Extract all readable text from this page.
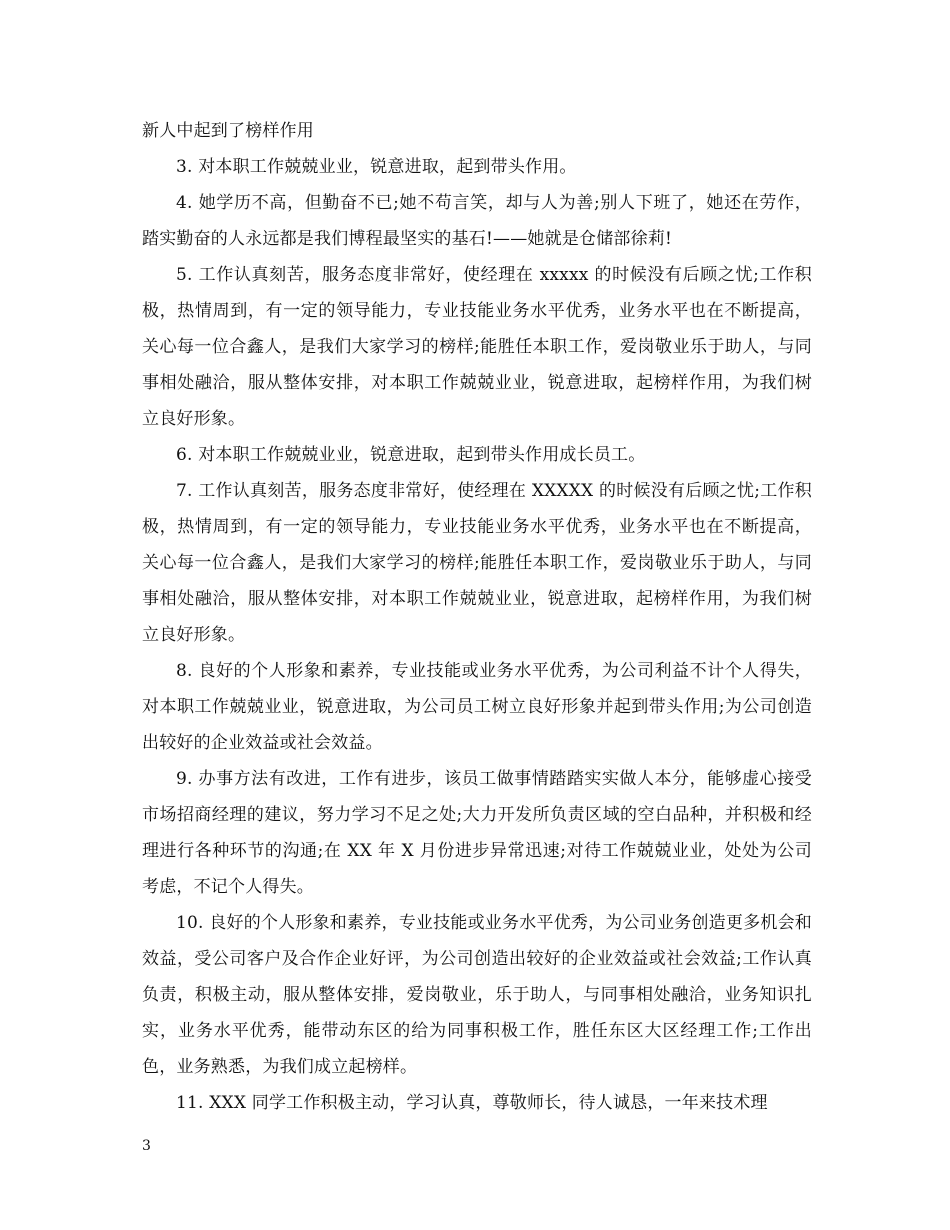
新人中起到了榜样作用

3. 对本职工作兢兢业业，锐意进取，起到带头作用。

4. 她学历不高，但勤奋不已;她不苟言笑，却与人为善;别人下班了，她还在劳作，踏实勤奋的人永远都是我们博程最坚实的基石!——她就是仓储部徐莉!

5. 工作认真刻苦，服务态度非常好，使经理在 xxxxx 的时候没有后顾之忧;工作积极，热情周到，有一定的领导能力，专业技能业务水平优秀，业务水平也在不断提高，关心每一位合鑫人，是我们大家学习的榜样;能胜任本职工作，爱岗敬业乐于助人，与同事相处融洽，服从整体安排，对本职工作兢兢业业，锐意进取，起榜样作用，为我们树立良好形象。

6. 对本职工作兢兢业业，锐意进取，起到带头作用成长员工。

7. 工作认真刻苦，服务态度非常好，使经理在 XXXXX 的时候没有后顾之忧;工作积极，热情周到，有一定的领导能力，专业技能业务水平优秀，业务水平也在不断提高，关心每一位合鑫人，是我们大家学习的榜样;能胜任本职工作，爱岗敬业乐于助人，与同事相处融洽，服从整体安排，对本职工作兢兢业业，锐意进取，起榜样作用，为我们树立良好形象。

8. 良好的个人形象和素养，专业技能或业务水平优秀，为公司利益不计个人得失，对本职工作兢兢业业，锐意进取，为公司员工树立良好形象并起到带头作用;为公司创造出较好的企业效益或社会效益。

9. 办事方法有改进，工作有进步，该员工做事情踏踏实实做人本分，能够虚心接受市场招商经理的建议，努力学习不足之处;大力开发所负责区域的空白品种，并积极和经理进行各种环节的沟通;在 XX 年 X 月份进步异常迅速;对待工作兢兢业业，处处为公司考虑，不记个人得失。

10. 良好的个人形象和素养，专业技能或业务水平优秀，为公司业务创造更多机会和效益，受公司客户及合作企业好评，为公司创造出较好的企业效益或社会效益;工作认真负责，积极主动，服从整体安排，爱岗敬业，乐于助人，与同事相处融洽，业务知识扎实，业务水平优秀，能带动东区的给为同事积极工作，胜任东区大区经理工作;工作出色，业务熟悉，为我们成立起榜样。

11. XXX 同学工作积极主动，学习认真，尊敬师长，待人诚恳，一年来技术理

3
